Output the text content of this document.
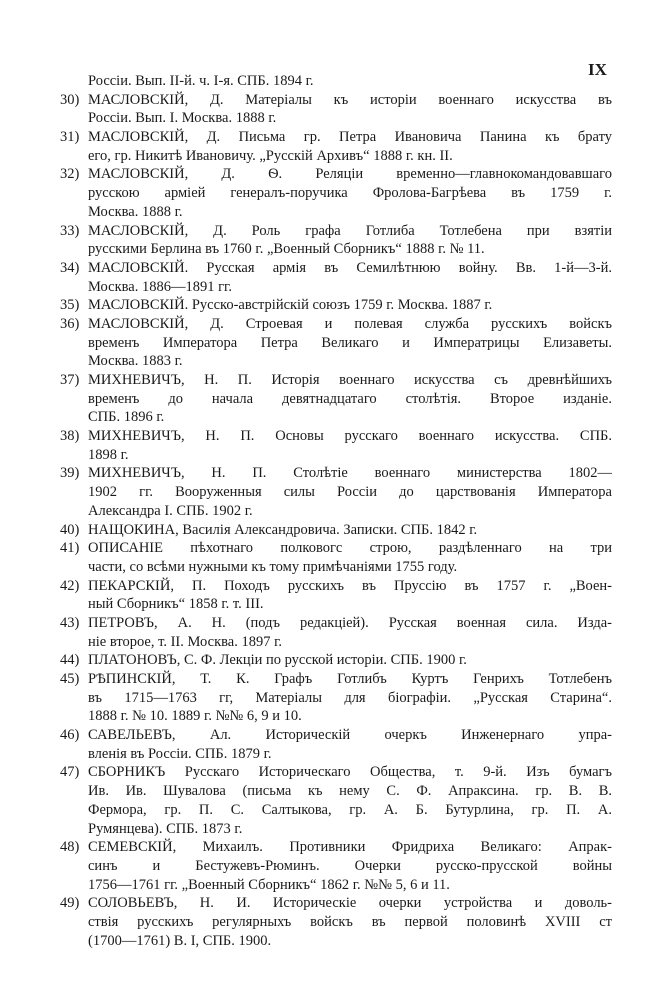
IX
Россіи. Вып. II-й. ч. I-я. СПБ. 1894 г.
30) МАСЛОВСКІЙ, Д. Матеріалы къ исторіи военнаго искусства въ
Россіи. Вып. I. Москва. 1888 г.
31) МАСЛОВСКІЙ, Д. Письма гр. Петра Ивановича Панина къ брату
его, гр. Никитѣ Ивановичу. „Русскій Архивъ“ 1888 г. кн. II.
32) МАСЛОВСКІЙ, Д. Ѳ. Реляціи временно—главнокомандовавшаго
русскою арміей генералъ-поручика Фролова-Багрѣева въ 1759 г.
Москва. 1888 г.
33) МАСЛОВСКІЙ, Д. Роль графа Готлиба Тотлебена при взятіи
русскими Берлина въ 1760 г. „Военный Сборникъ“ 1888 г. № 11.
34) МАСЛОВСКІЙ. Русская армія въ Семилѣтнюю войну. Вв. 1-й—3-й.
Москва. 1886—1891 гг.
35) МАСЛОВСКІЙ. Русско-австрійскій союзъ 1759 г. Москва. 1887 г.
36) МАСЛОВСКІЙ, Д. Строевая и полевая служба русскихъ войскъ
временъ Императора Петра Великаго и Императрицы Елизаветы.
Москва. 1883 г.
37) МИХНЕВИЧЪ, Н. П. Исторія военнаго искусства съ древнѣйшихъ
временъ до начала девятнадцатаго столѣтія. Второе изданіе.
СПБ. 1896 г.
38) МИХНЕВИЧЪ, Н. П. Основы русскаго военнаго искусства. СПБ.
1898 г.
39) МИХНЕВИЧЪ, Н. П. Столѣтіе военнаго министерства 1802—
1902 гг. Вооруженныя силы Россіи до царствованія Императора
Александра I. СПБ. 1902 г.
40) НАЩОКИНА, Василія Александровича. Записки. СПБ. 1842 г.
41) ОПИСАНІЕ пѣхотнаго полковогс строю, раздѣленнаго на три
части, со всѣми нужными къ тому примѣчаніями 1755 году.
42) ПЕКАРСКІЙ, П. Походъ русскихъ въ Пруссію въ 1757 г. „Воен-
ный Сборникъ“ 1858 г. т. III.
43) ПЕТРОВЪ, А. Н. (подъ редакціей). Русская военная сила. Изда-
ніе второе, т. II. Москва. 1897 г.
44) ПЛАТОНОВЪ, С. Ф. Лекціи по русской исторіи. СПБ. 1900 г.
45) РѢПИНСКІЙ, Т. К. Графъ Готлибъ Куртъ Генрихъ Тотлебенъ
въ 1715—1763 гг, Матеріалы для біографіи. „Русская Старина“.
1888 г. № 10. 1889 г. №№ 6, 9 и 10.
46) САВЕЛЬЕВЪ, Ал. Историческій очеркъ Инженернаго упра-
вленія въ Россіи. СПБ. 1879 г.
47) СБОРНИКЪ Русскаго Историческаго Общества, т. 9-й. Изъ бумагъ
Ив. Ив. Шувалова (письма къ нему С. Ф. Апраксина. гр. В. В.
Фермора, гр. П. С. Салтыкова, гр. А. Б. Бутурлина, гр. П. А.
Румянцева). СПБ. 1873 г.
48) СЕМЕВСКІЙ, Михаилъ. Противники Фридриха Великаго: Апрак-
синъ и Бестужевъ-Рюминъ. Очерки русско-прусской войны
1756—1761 гг. „Военный Сборникъ“ 1862 г. №№ 5, 6 и 11.
49) СОЛОВЬЕВЪ, Н. И. Историческіе очерки устройства и доволь-
ствія русскихъ регулярныхъ войскъ въ первой половинѣ XVIII ст
(1700—1761) В. I, СПБ. 1900.
